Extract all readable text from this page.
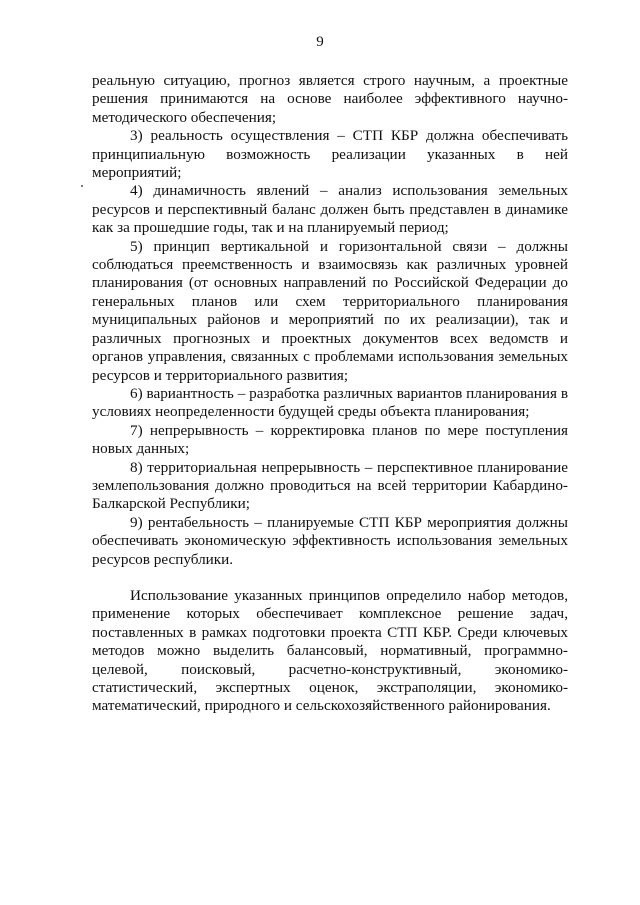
9

реальную ситуацию, прогноз является строго научным, а проектные решения принимаются на основе наиболее эффективного научно-методического обеспечения;

3) реальность осуществления – СТП КБР должна обеспечивать принципиальную возможность реализации указанных в ней мероприятий;

4) динамичность явлений – анализ использования земельных ресурсов и перспективный баланс должен быть представлен в динамике как за прошедшие годы, так и на планируемый период;

5) принцип вертикальной и горизонтальной связи – должны соблюдаться преемственность и взаимосвязь как различных уровней планирования (от основных направлений по Российской Федерации до генеральных планов или схем территориального планирования муниципальных районов и мероприятий по их реализации), так и различных прогнозных и проектных документов всех ведомств и органов управления, связанных с проблемами использования земельных ресурсов и территориального развития;

6) вариантность – разработка различных вариантов планирования в условиях неопределенности будущей среды объекта планирования;

7) непрерывность – корректировка планов по мере поступления новых данных;

8) территориальная непрерывность – перспективное планирование землепользования должно проводиться на всей территории Кабардино-Балкарской Республики;

9) рентабельность – планируемые СТП КБР мероприятия должны обеспечивать экономическую эффективность использования земельных ресурсов республики.

Использование указанных принципов определило набор методов, применение которых обеспечивает комплексное решение задач, поставленных в рамках подготовки проекта СТП КБР. Среди ключевых методов можно выделить балансовый, нормативный, программно-целевой, поисковый, расчетно-конструктивный, экономико-статистический, экспертных оценок, экстраполяции, экономико-математический, природного и сельскохозяйственного районирования.
